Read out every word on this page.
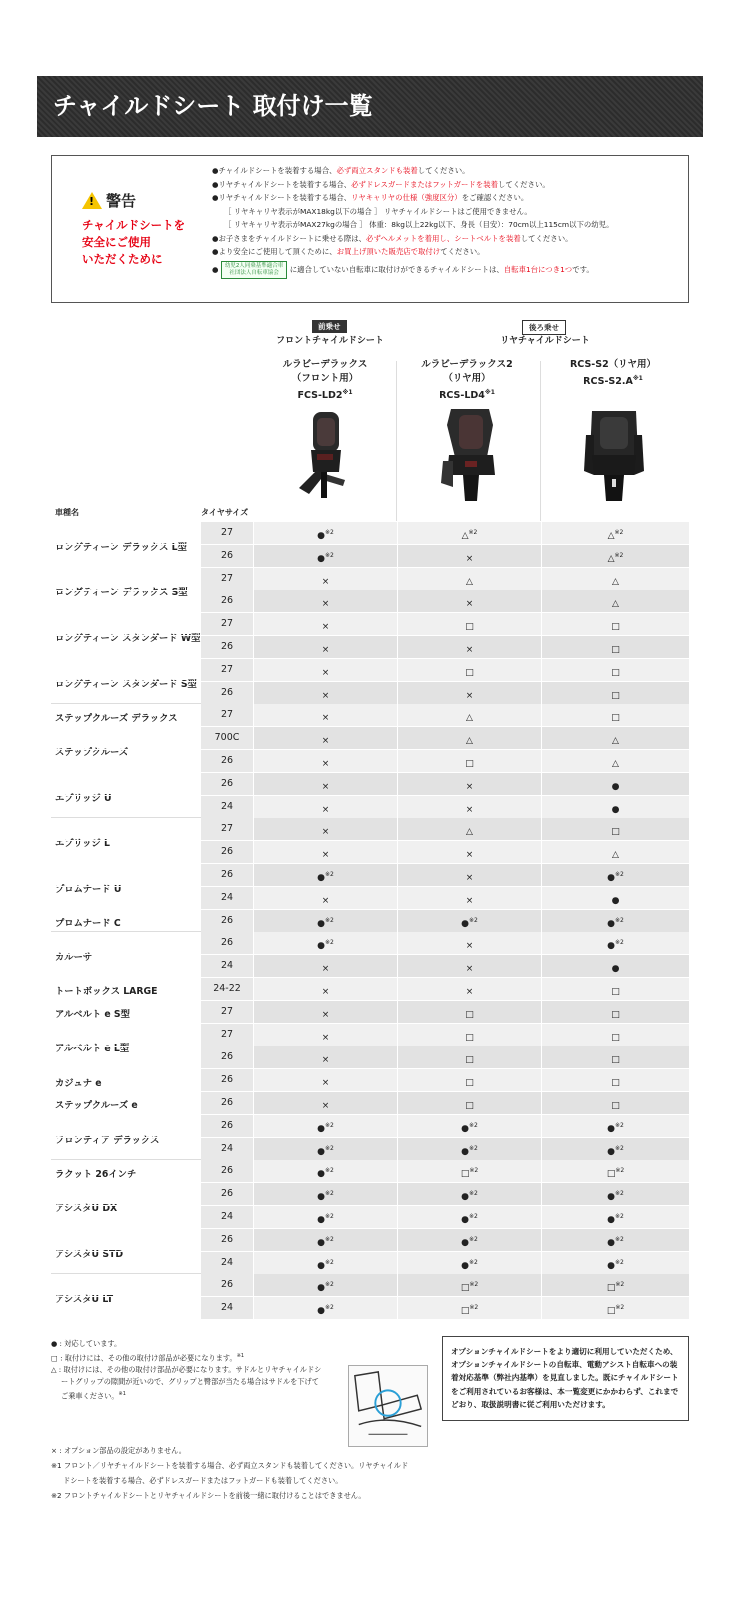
チャイルドシート 取付け一覧
! 警告
チャイルドシートを
安全にご使用
いただくために
●チャイルドシートを装着する場合、必ず両立スタンドも装着してください。
●リヤチャイルドシートを装着する場合、必ずドレスガードまたはフットガードを装着してください。
●リヤチャイルドシートを装着する場合、リヤキャリヤの仕様（強度区分）をご確認ください。
［ リヤキャリヤ表示がMAX18kg以下の場合 ］ リヤチャイルドシートはご使用できません。
［ リヤキャリヤ表示がMAX27kgの場合 ］ 体重：8kg以上22kg以下、身長（目安）：70cm以上115cm以下の幼児。
●お子さまをチャイルドシートに乗せる際は、必ずヘルメットを着用し、シートベルトを装着してください。
●より安全にご使用して頂くために、お買上げ頂いた販売店で取付けてください。
● 幼児2人同乗基準適合車
社団法人自転車協会	に適合していない自転車に取付けができるチャイルドシートは、自転車1台につき1つです。
前乗せ
フロントチャイルドシート
後ろ乗せ
リヤチャイルドシート
ルラビーデラックス
（フロント用）
FCS-LD2$^{※1}$
ルラビーデラックス2
（リヤ用）
RCS-LD4$^{※1}$
RCS-S2（リヤ用）
RCS-$S2.A^{※1}$
車種名	タイヤサイズ
ロングティーン デラックス L型
27	●$^{※2}$	△$^{※2}$	△$^{※2}$
26	●$^{※2}$	×	△$^{※2}$
ロングティーン デラックス S型
27	×	△	△
26	×	×	△
ロングティーン スタンダード W型
27	×	□	□
26	×	×	□
ロングティーン スタンダード S型
27	×	□	□
26	×	×	□
ステップクルーズ デラックス	27	×	△	□
ステップクルーズ
700C	×	△	△
26	×	□	△
エブリッジ U
26	×	×	●
24	×	×	●
エブリッジ L
27	×	△	□
26	×	×	△
プロムナード U
26	●$^{※2}$	×	●$^{※2}$
24	×	×	●
プロムナード C	26	●$^{※2}$	●$^{※2}$	●$^{※2}$
カルーサ
26	●$^{※2}$	×	●$^{※2}$
24	×	×	●
トートボックス LARGE	24-22	×	×	□
アルベルト e S型	27	×	□	□
アルベルト e L型
27	×	□	□
26	×	□	□
カジュナ e	26	×	□	□
ステップクルーズ e	26	×	□	□
フロンティア デラックス
26	●$^{※2}$	●$^{※2}$	●$^{※2}$
24	●$^{※2}$	●$^{※2}$	●$^{※2}$
ラクット 26インチ	26	●$^{※2}$	□$^{※2}$	□$^{※2}$
アシスタU DX
26	●$^{※2}$	●$^{※2}$	●$^{※2}$
24	●$^{※2}$	●$^{※2}$	●$^{※2}$
アシスタU STD
26	●$^{※2}$	●$^{※2}$	●$^{※2}$
24	●$^{※2}$	●$^{※2}$	●$^{※2}$
アシスタU LT
26	●$^{※2}$	□$^{※2}$	□$^{※2}$
24	●$^{※2}$	□$^{※2}$	□$^{※2}$
● : 対応しています。
□ : 取付けには、その他の取付け部品が必要になります。$^{※1}$
△ : 取付けには、その他の取付け部品が必要になります。サドルとリヤチャイルドシ
ートグリップの隙間が近いので、グリップと臀部が当たる場合はサドルを下げて
ご乗車ください。$^{※1}$
オプションチャイルドシートをより適切に利用していただくため、オプションチャイルドシートの自転車、電動アシスト自転車への装着対応基準（弊社内基準）を見直しました。既にチャイルドシートをご利用されているお客様は、本一覧変更にかかわらず、これまでどおり、取扱説明書に従ご利用いただけます。
× : オプション部品の設定がありません。
※1 フロント／リヤチャイルドシートを装着する場合、必ず両立スタンドも装着してください。リヤチャイルド
ドシートを装着する場合、必ずドレスガードまたはフットガードも装着してください。
※2 フロントチャイルドシートとリヤチャイルドシートを前後一緒に取付けることはできません。
